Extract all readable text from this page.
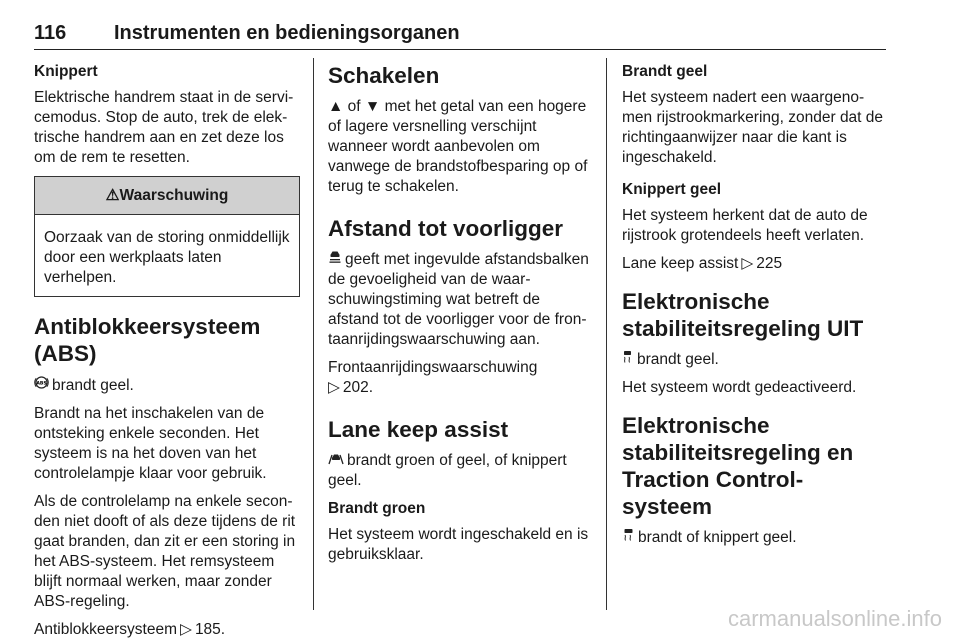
116 Instrumenten en bedieningsorganen
Knippert
Elektrische handrem staat in de servicemodus. Stop de auto, trek de elektrische handrem aan en zet deze los om de rem te resetten.
⚠Waarschuwing
Oorzaak van de storing onmiddellijk door een werkplaats laten verhelpen.
Antiblokkeersysteem (ABS)
ABS brandt geel.
Brandt na het inschakelen van de ontsteking enkele seconden. Het systeem is na het doven van het controlelampje klaar voor gebruik.
Als de controlelamp na enkele seconden niet dooft of als deze tijdens de rit gaat branden, dan zit er een storing in het ABS-systeem. Het remsysteem blijft normaal werken, maar zonder ABS-regeling.
Antiblokkeersysteem ▷ 185.
Schakelen
▲ of ▼ met het getal van een hogere of lagere versnelling verschijnt wanneer wordt aanbevolen om vanwege de brandstofbesparing op of terug te schakelen.
Afstand tot voorligger
geeft met ingevulde afstandsbalken de gevoeligheid van de waarschuwingstiming wat betreft de afstand tot de voorligger voor de frontaanrijdingswaarschuwing aan.
Frontaanrijdingswaarschuwing
▷ 202.
Lane keep assist
brandt groen of geel, of knippert geel.
Brandt groen
Het systeem wordt ingeschakeld en is gebruiksklaar.
Brandt geel
Het systeem nadert een waargenomen rijstrookmarkering, zonder dat de richtingaanwijzer naar die kant is ingeschakeld.
Knippert geel
Het systeem herkent dat de auto de rijstrook grotendeels heeft verlaten.
Lane keep assist ▷ 225
Elektronische stabiliteitsregeling UIT
brandt geel.
Het systeem wordt gedeactiveerd.
Elektronische stabiliteitsregeling en Traction Control-systeem
brandt of knippert geel.
carmanualsonline.info
